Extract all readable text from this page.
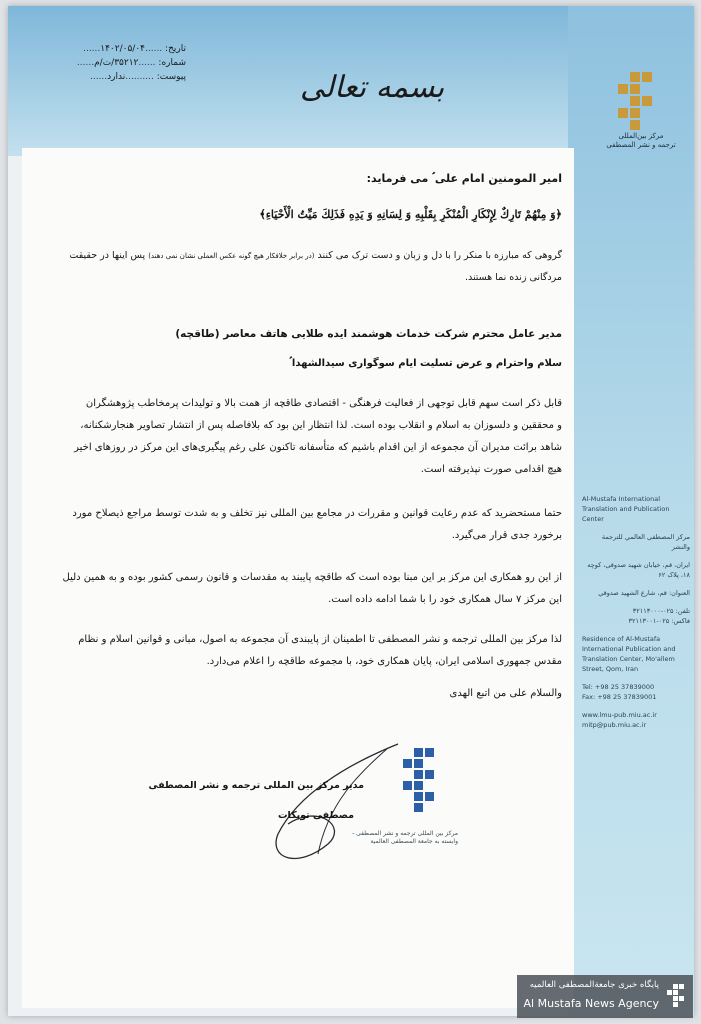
مرکز بین‌المللی
ترجمه و نشر المصطفی
بسمه تعالی
تاریخ: ......۱۴۰۲/۰۵/۰۴......
شماره: ......۳۵۲۱۲/ت/م......
پیوست: ..........ندارد......
Al-Mustafa International Translation and Publication Center
مركز المصطفى العالمي للترجمة والنشر
ایران، قم، خیابان شهید صدوقی، کوچه ۱۸، پلاک ۶۲
العنوان: قم، شارع الشهيد صدوقي
تلفن: ۰۲۵-۳۲۱۱۳۰۰۰
فاکس: ۰۲۵-۳۲۱۱۳۰۰۱
Residence of Al-Mustafa International Publication and Translation Center, Mo'allem Street, Qom, Iran
Tel: +98 25 37839000
Fax: +98 25 37839001
www.lmu-pub.miu.ac.ir
mitp@pub.miu.ac.ir
امیر المومنین امام علی ؑ می فرماید:
﴿وَ مِنْهُمْ تَارِكٌ لِإِنْكَارِ الْمُنْكَرِ بِقَلْبِهِ وَ لِسَانِهِ وَ يَدِهِ فَذَلِكَ مَيِّتُ الْأَحْيَاءِ﴾
گروهی که مبارزه با منکر را با دل و زبان و دست ترک می کنند (در برابر خلافکار هیچ گونه عکس العملی نشان نمی دهند) پس اینها در حقیقت
مردگانی زنده نما هستند.
مدیر عامل محترم شرکت خدمات هوشمند ایده طلایی هاتف معاصر (طاقچه)
سلام واحترام و عرض تسلیت ایام سوگواری سیدالشهدا ؑ
قابل ذکر است سهم قابل توجهی از فعالیت فرهنگی - اقتصادی طاقچه از همت بالا و تولیدات پرمخاطب پژوهشگران
و محققین و دلسوزان به اسلام و انقلاب بوده است. لذا انتظار این بود که بلافاصله پس از انتشار تصاویر هنجارشکنانه،
شاهد برائت مدیران آن مجموعه از این اقدام باشیم که متأسفانه تاکنون علی رغم پیگیری‌های این مرکز در روزهای اخیر
هیچ اقدامی صورت نپذیرفته است.
حتما مستحضرید که عدم رعایت قوانین و مقررات در مجامع بین المللی نیز تخلف و به شدت توسط مراجع ذیصلاح مورد
برخورد جدی قرار می‌گیرد.
از این رو همکاری این مرکز بر این مبنا بوده است که طاقچه پایبند به مقدسات و قانون رسمی کشور بوده و به همین دلیل
این مرکز ۷ سال همکاری خود را با شما ادامه داده است.
لذا مرکز بین المللی ترجمه و نشر المصطفی تا اطمینان از پایبندی آن مجموعه به اصول، مبانی و قوانین اسلام و نظام
مقدس جمهوری اسلامی ایران، پایان همکاری خود، با مجموعه طاقچه را اعلام می‌دارد.
والسلام علی من اتبع الهدی
مدیر مرکز بین المللی ترجمه و نشر المصطفی
مصطفی توبکات
مرکز بین المللی ترجمه و نشر المصطفی - وابسته به جامعة المصطفی العالمیة
پایگاه خبری جامعةالمصطفی العالمیه
Al Mustafa News Agency
